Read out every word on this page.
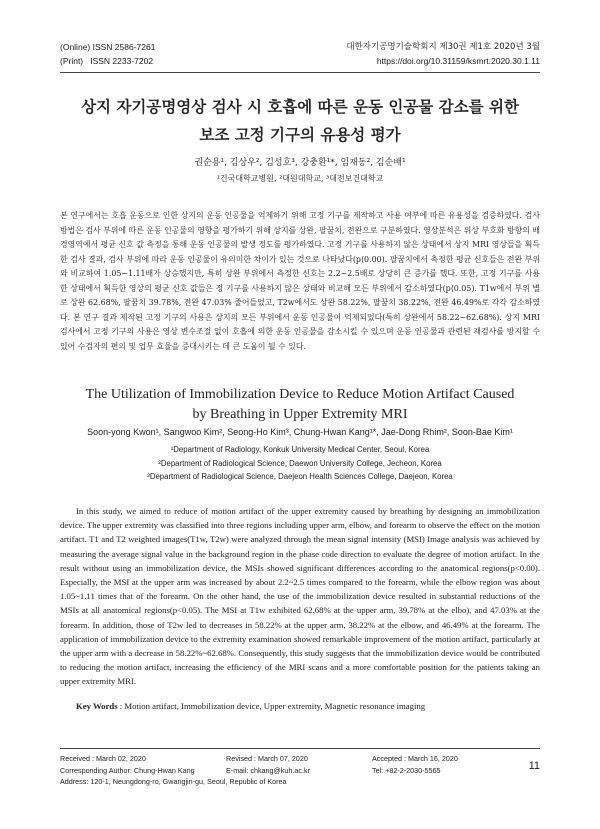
(Online) ISSN 2586-7261
(Print)   ISSN 2233-7202
대한자기공명기술학회지 제30권 제1호 2020년 3월
https://doi.org/10.31159/ksmrt.2020.30.1.11
상지 자기공명영상 검사 시 호흡에 따른 운동 인공물 감소를 위한
보조 고정 기구의 유용성 평가
권순용¹, 김상우², 김성호³, 강충환¹*, 임재동², 김순배¹
¹건국대학교병원, ²대원대학교, ³대전보건대학교
본 연구에서는 호흡 운동으로 인한 상지의 운동 인공물을 억제하기 위해 고정 기구를 제작하고 사용 여부에 따른 유용성을 검증하였다. 검사 방법은 검사 부위에 따른 운동 인공물의 영향을 평가하기 위해 상지를 상완, 팔꿈치, 전완으로 구분하였다. 영상분석은 위상 부호화 방향의 배경영역에서 평균 신호 값 측정을 통해 운동 인공물의 발생 정도를 평가하였다. 고정 기구를 사용하지 않은 상태에서 상지 MRI 영상들을 획득한 검사 결과, 검사 부위에 따라 운동 인공물이 유의미한 차이가 있는 것으로 나타났다(p⟨0.00). 팔꿈치에서 측정한 평균 신호들은 전완 부위와 비교하여 1.05~1.11배가 상승했지만, 특히 상완 부위에서 측정한 신호는 2.2~2.5배로 상당히 큰 증가를 했다. 또한, 고정 기구를 사용한 상태에서 획득한 영상의 평균 신호 값들은 정 기구를 사용하지 않은 상태와 비교해 모든 부위에서 감소하였다(p⟨0.05). T1w에서 부위 별로 상완 62.68%, 팔꿈치 39.78%, 전완 47.03% 줄어들었고, T2w에서도 상완 58.22%, 팔꿈치 38.22%, 전완 46.49%로 각각 감소하였다. 본 연구 결과 제작된 고정 기구의 사용은 상지의 모든 부위에서 운동 인공물이 억제되었다(특히 상완에서 58.22~62.68%). 상지 MRI 검사에서 고정 기구의 사용은 영상 변수조절 없이 호흡에 의한 운동 인공물을 감소시킬 수 있으며 운동 인공물과 관련된 재검사를 방지할 수 있어 수검자의 편의 및 업무 효율을 증대시키는 데 큰 도움이 될 수 있다.
The Utilization of Immobilization Device to Reduce Motion Artifact Caused
by Breathing in Upper Extremity MRI
Soon-yong Kwon¹, Sangwoo Kim², Seong-Ho Kim³, Chung-Hwan Kang¹*, Jae-Dong Rhim², Soon-Bae Kim¹
¹Department of Radiology, Konkuk University Medical Center, Seoul, Korea
²Department of Radiological Science, Daewon University College, Jecheon, Korea
³Department of Radiological Science, Daejeon Health Sciences College, Daejeon, Korea
In this study, we aimed to reduce of motion artifact of the upper extremity caused by breathing by designing an immobilization device. The upper extremity was classified into three regions including upper arm, elbow, and forearm to observe the effect on the motion artifact. T1 and T2 weighted images(T1w, T2w) were analyzed through the mean signal intensity (MSI) Image analysis was achieved by measuring the average signal value in the background region in the phase code direction to evaluate the degree of motion artifact. In the result without using an immobilization device, the MSIs showed significant differences according to the anatomical regions(p<0.00). Especially, the MSI at the upper arm was increased by about 2.2~2.5 times compared to the forearm, while the elbow region was about 1.05~1.11 times that of the forearm. On the other hand, the use of the immobilization device resulted in substantial reductions of the MSIs at all anatomical regions(p<0.05). The MSI at T1w exhibited 62.68% at the upper arm, 39.78% at the elbo), and 47.03% at the forearm. In addition, those of T2w led to decreases in 58.22% at the upper arm, 38.22% at the elbow, and 46.49% at the forearm. The application of immobilization device to the extremity examination showed remarkable improvement of the motion artifact, particularly at the upper arm with a decrease in 58.22%~62.68%. Consequently, this study suggests that the immobilization device would be contributed to reducing the motion artifact, increasing the efficiency of the MRI scans and a more comfortable position for the patients taking an upper extremity MRI.
Key Words : Motion artifact, Immobilization device, Upper extremity, Magnetic resonance imaging
Received : March 02, 2020	Revised : March 07, 2020	Accepted : March 16, 2020
Corresponding Author: Chung-Hwan Kang	E-mail: chkang@kuh.ac.kr	Tel: +82-2-2030-5565
Address: 120-1, Neungdong-ro, Gwangjin-gu, Seoul, Republic of Korea
11
